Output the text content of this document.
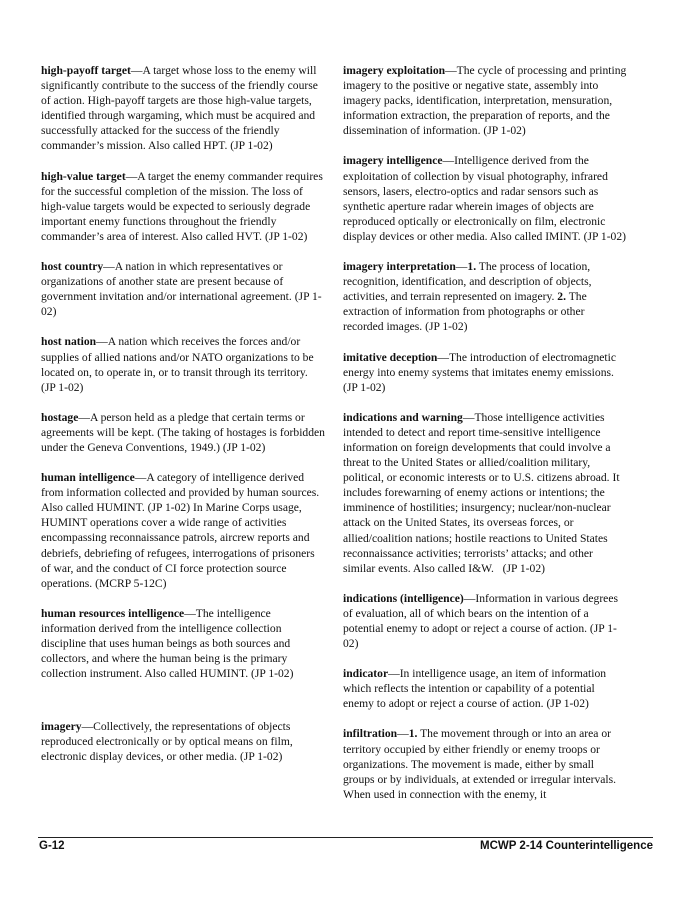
high-payoff target — A target whose loss to the enemy will significantly contribute to the success of the friendly course of action. High-payoff targets are those high-value targets, identified through wargaming, which must be acquired and successfully attacked for the success of the friendly commander’s mission. Also called HPT. (JP 1-02)

high-value target — A target the enemy commander requires for the successful completion of the mission. The loss of high-value targets would be expected to seriously degrade important enemy functions throughout the friendly commander’s area of interest. Also called HVT. (JP 1-02)

host country — A nation in which representatives or organizations of another state are present because of government invitation and/or international agreement. (JP 1-02)

host nation — A nation which receives the forces and/or supplies of allied nations and/or NATO organizations to be located on, to operate in, or to transit through its territory. (JP 1-02)

hostage — A person held as a pledge that certain terms or agreements will be kept. (The taking of hostages is forbidden under the Geneva Conventions, 1949.) (JP 1-02)

human intelligence — A category of intelligence derived from information collected and provided by human sources. Also called HUMINT. (JP 1-02) In Marine Corps usage, HUMINT operations cover a wide range of activities encompassing reconnaissance patrols, aircrew reports and debriefs, debriefing of refugees, interrogations of prisoners of war, and the conduct of CI force protection source operations. (MCRP 5-12C)

human resources intelligence — The intelligence information derived from the intelligence collection discipline that uses human beings as both sources and collectors, and where the human being is the primary collection instrument. Also called HUMINT. (JP 1-02)

imagery — Collectively, the representations of objects reproduced electronically or by optical means on film, electronic display devices, or other media. (JP 1-02)

imagery exploitation — The cycle of processing and printing imagery to the positive or negative state, assembly into imagery packs, identification, interpretation, mensuration, information extraction, the preparation of reports, and the dissemination of information. (JP 1-02)

imagery intelligence — Intelligence derived from the exploitation of collection by visual photography, infrared sensors, lasers, electro-optics and radar sensors such as synthetic aperture radar wherein images of objects are reproduced optically or electronically on film, electronic display devices or other media. Also called IMINT. (JP 1-02)

imagery interpretation — 1. The process of location, recognition, identification, and description of objects, activities, and terrain represented on imagery. 2. The extraction of information from photographs or other recorded images. (JP 1-02)

imitative deception — The introduction of electromagnetic energy into enemy systems that imitates enemy emissions. (JP 1-02)

indications and warning — Those intelligence activities intended to detect and report time-sensitive intelligence information on foreign developments that could involve a threat to the United States or allied/coalition military, political, or economic interests or to U.S. citizens abroad. It includes forewarning of enemy actions or intentions; the imminence of hostilities; insurgency; nuclear/non-nuclear attack on the United States, its overseas forces, or allied/coalition nations; hostile reactions to United States reconnaissance activities; terrorists’ attacks; and other similar events. Also called I&W.   (JP 1-02)

indications (intelligence) — Information in various degrees of evaluation, all of which bears on the intention of a potential enemy to adopt or reject a course of action. (JP 1-02)

indicator — In intelligence usage, an item of information which reflects the intention or capability of a potential enemy to adopt or reject a course of action. (JP 1-02)

infiltration — 1. The movement through or into an area or territory occupied by either friendly or enemy troops or organizations. The movement is made, either by small groups or by individuals, at extended or irregular intervals. When used in connection with the enemy, it

G-12	MCWP 2-14 Counterintelligence
